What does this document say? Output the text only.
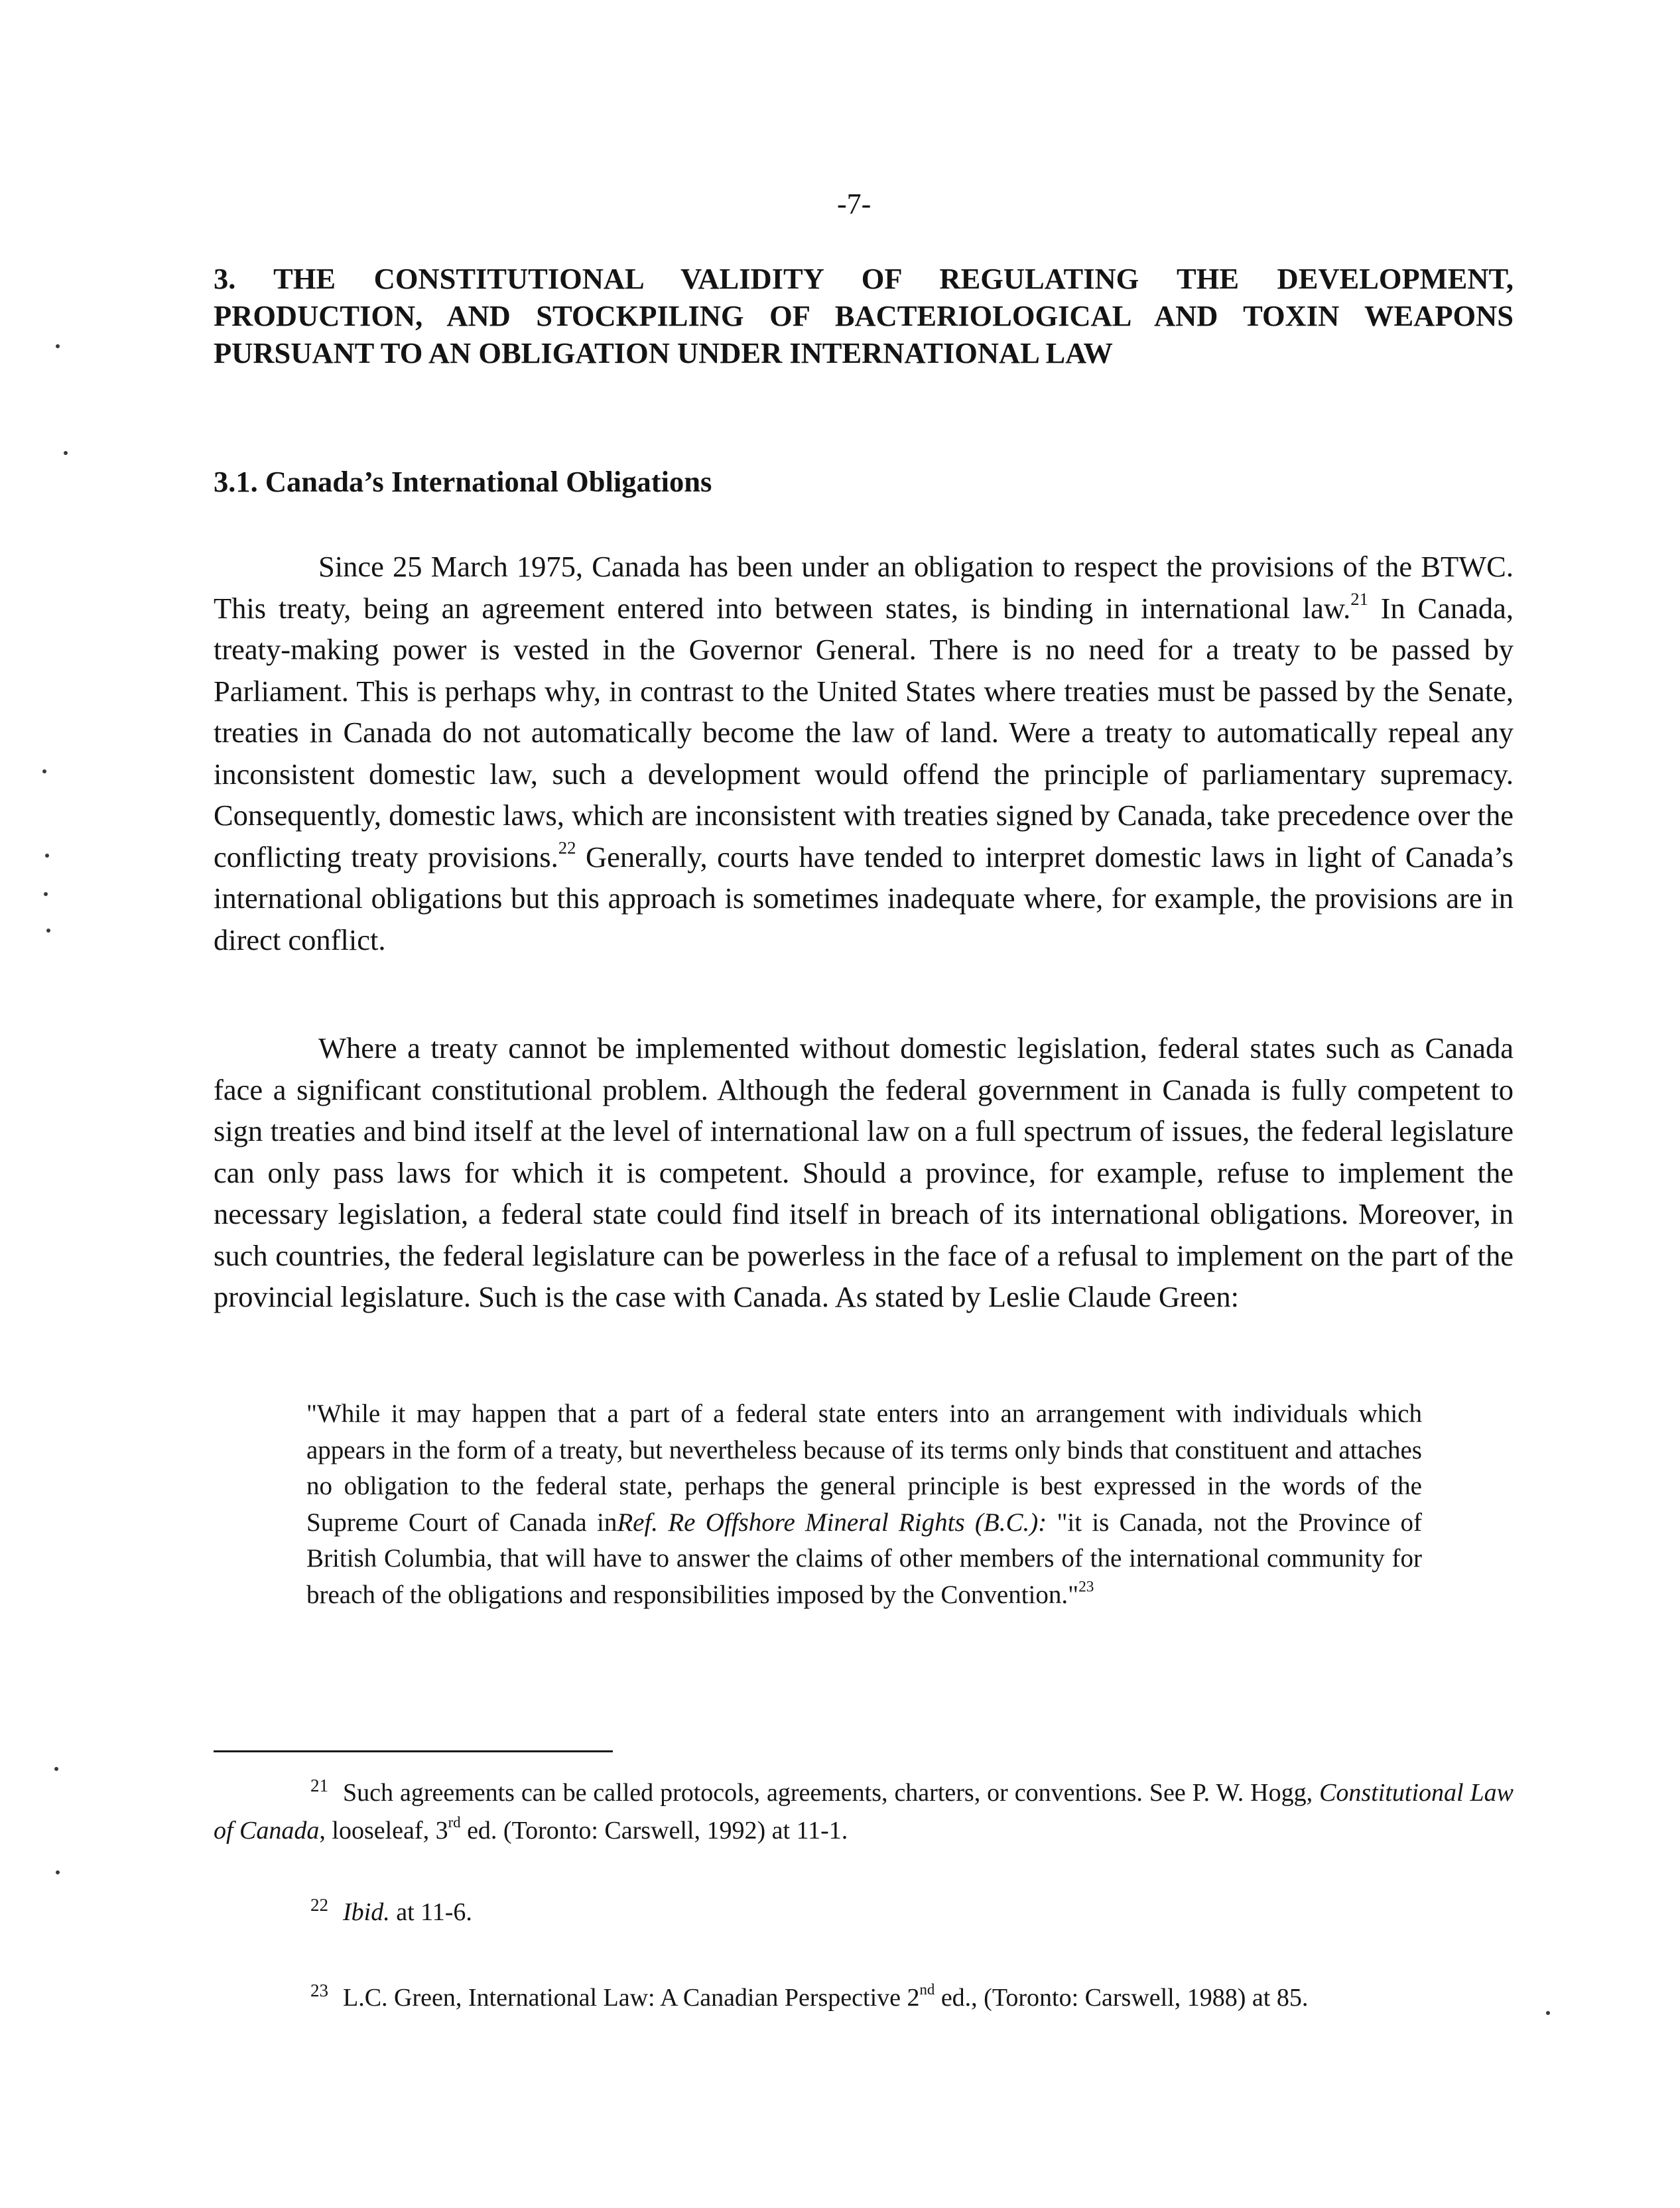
-7-
3. THE CONSTITUTIONAL VALIDITY OF REGULATING THE DEVELOPMENT,
PRODUCTION, AND STOCKPILING OF BACTERIOLOGICAL AND TOXIN WEAPONS
PURSUANT TO AN OBLIGATION UNDER INTERNATIONAL LAW
3.1. Canada’s International Obligations

Since 25 March 1975, Canada has been under an obligation to respect the provisions of the BTWC. This treaty, being an agreement entered into between states, is binding in international law.$^{21}$ In Canada, treaty-making power is vested in the Governor General. There is no need for a treaty to be passed by Parliament. This is perhaps why, in contrast to the United States where treaties must be passed by the Senate, treaties in Canada do not automatically become the law of land. Were a treaty to automatically repeal any inconsistent domestic law, such a development would offend the principle of parliamentary supremacy. Consequently, domestic laws, which are inconsistent with treaties signed by Canada, take precedence over the conflicting treaty provisions.$^{22}$ Generally, courts have tended to interpret domestic laws in light of Canada’s international obligations but this approach is sometimes inadequate where, for example, the provisions are in direct conflict.

Where a treaty cannot be implemented without domestic legislation, federal states such as Canada face a significant constitutional problem. Although the federal government in Canada is fully competent to sign treaties and bind itself at the level of international law on a full spectrum of issues, the federal legislature can only pass laws for which it is competent. Should a province, for example, refuse to implement the necessary legislation, a federal state could find itself in breach of its international obligations. Moreover, in such countries, the federal legislature can be powerless in the face of a refusal to implement on the part of the provincial legislature. Such is the case with Canada. As stated by Leslie Claude Green:

"While it may happen that a part of a federal state enters into an arrangement with individuals which appears in the form of a treaty, but nevertheless because of its terms only binds that constituent and attaches no obligation to the federal state, perhaps the general principle is best expressed in the words of the Supreme Court of Canada inRef. Re Offshore Mineral Rights (B.C.): "it is Canada, not the Province of British Columbia, that will have to answer the claims of other members of the international community for breach of the obligations and responsibilities imposed by the Convention."$^{23}$

$^{21}$ Such agreements can be called protocols, agreements, charters, or conventions. See P. W. Hogg, Constitutional Law of Canada, looseleaf, 3rd ed. (Toronto: Carswell, 1992) at 11-1.

$^{22}$ Ibid. at 11-6.

$^{23}$ L.C. Green, International Law: A Canadian Perspective 2nd ed., (Toronto: Carswell, 1988) at 85.
